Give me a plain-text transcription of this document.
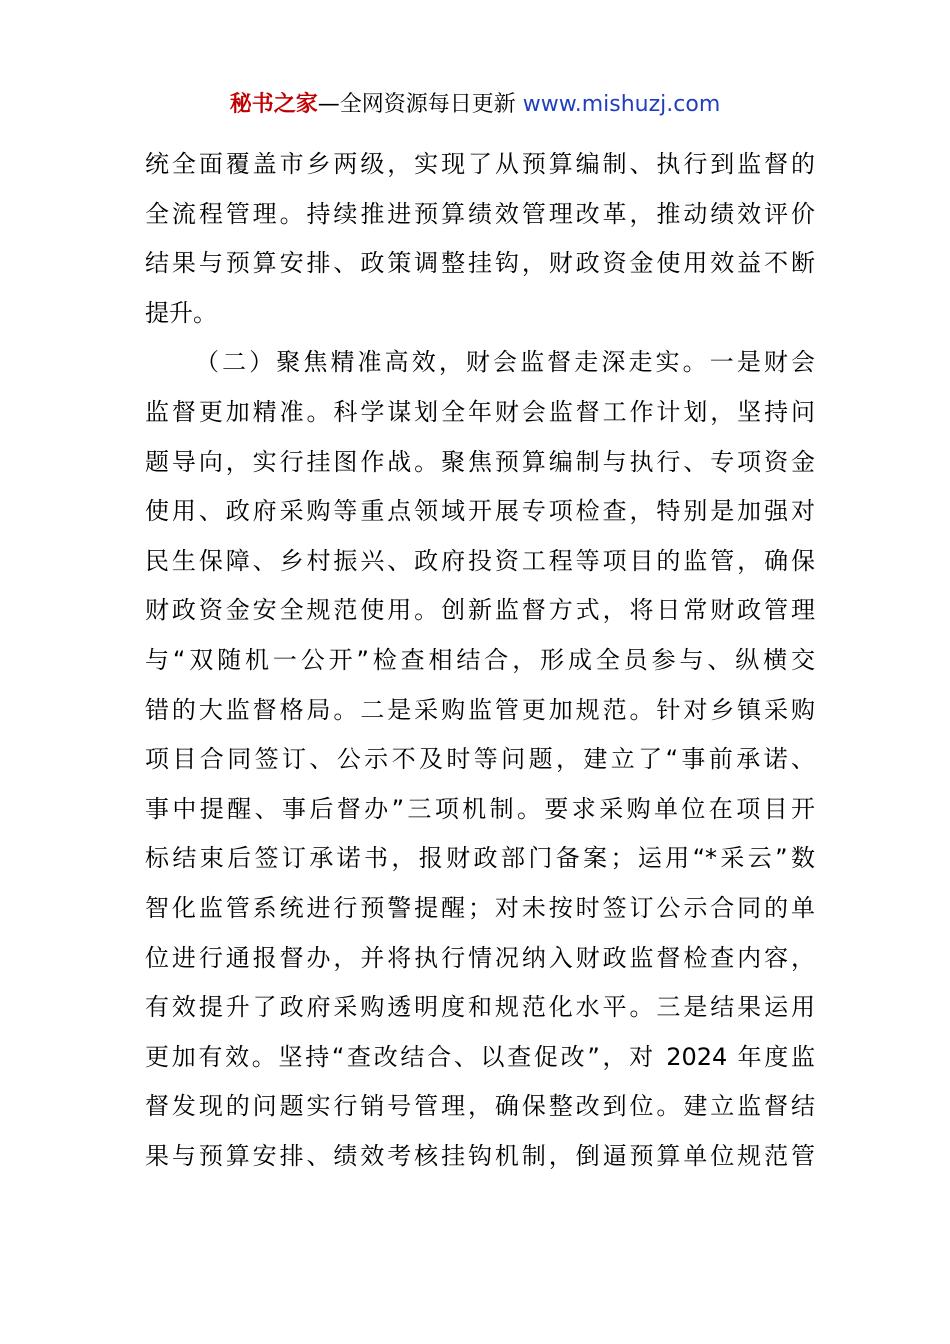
秘书之家—全网资源每日更新 www.mishuzj.com
统全面覆盖市乡两级，实现了从预算编制、执行到监督的
全流程管理。持续推进预算绩效管理改革，推动绩效评价
结果与预算安排、政策调整挂钩，财政资金使用效益不断
提升。
（二）聚焦精准高效，财会监督走深走实。一是财会
监督更加精准。科学谋划全年财会监督工作计划，坚持问
题导向，实行挂图作战。聚焦预算编制与执行、专项资金
使用、政府采购等重点领域开展专项检查，特别是加强对
民生保障、乡村振兴、政府投资工程等项目的监管，确保
财政资金安全规范使用。创新监督方式，将日常财政管理
与“双随机一公开”检查相结合，形成全员参与、纵横交
错的大监督格局。二是采购监管更加规范。针对乡镇采购
项目合同签订、公示不及时等问题，建立了“事前承诺、
事中提醒、事后督办”三项机制。要求采购单位在项目开
标结束后签订承诺书，报财政部门备案；运用“*采云”数
智化监管系统进行预警提醒；对未按时签订公示合同的单
位进行通报督办，并将执行情况纳入财政监督检查内容，
有效提升了政府采购透明度和规范化水平。三是结果运用
更加有效。坚持“查改结合、以查促改”，对 2024 年度监
督发现的问题实行销号管理，确保整改到位。建立监督结
果与预算安排、绩效考核挂钩机制，倒逼预算单位规范管
